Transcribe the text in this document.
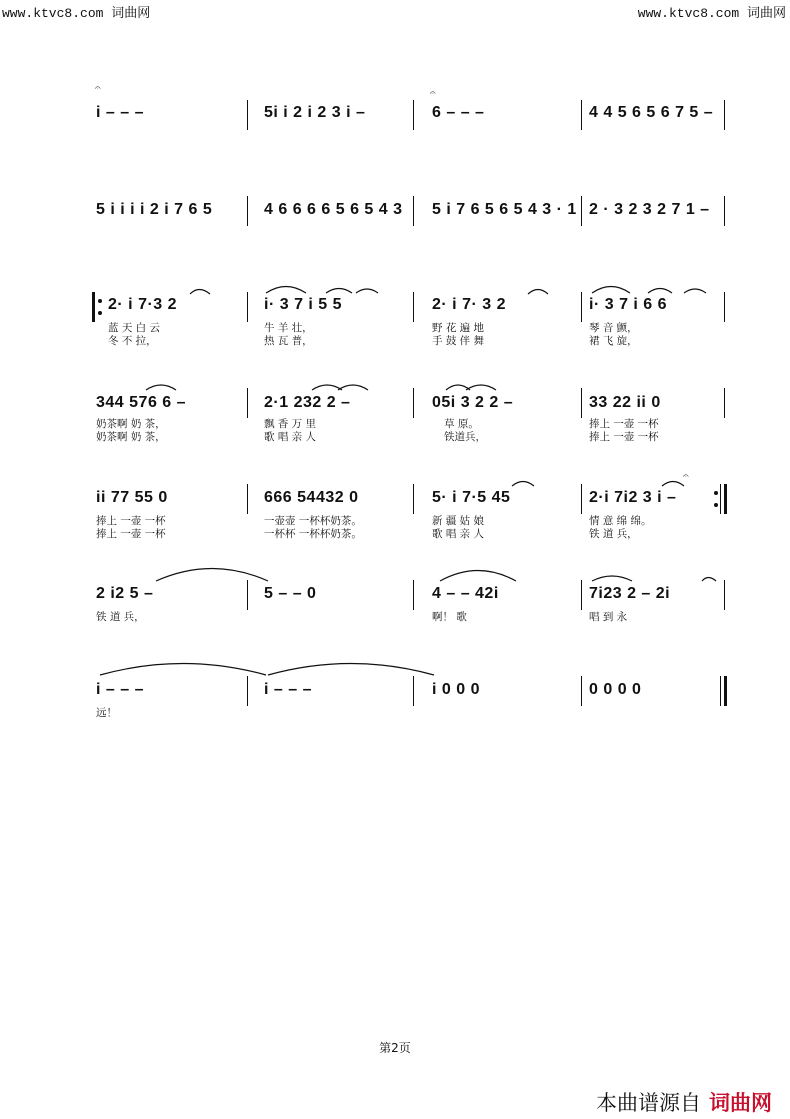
www.ktvc8.com 词曲网	www.ktvc8.com 词曲网
𝄐
i – – –	5i i 2 i 2 3 i –
𝄐
6 – – –	4 4 5 6 5 6 7 5 –
5 i i i i 2 i 7 6 5	4 6 6 6 6 5 6 5 4 3 5 i 7 6 5 6 5 4 3 · 1 2 · 3 2 3 2 7 1 –
2· i 7·3 2
蓝 天 白 云
冬 不 拉，
i· 3 7 i 5 5
牛 羊 壮，
热 瓦 普，
2· i 7· 3 2
野 花 遍 地
手 鼓 伴 舞
i· 3 7 i 6 6
琴 音 颤，
裙 飞 旋，
344 576 6 –
奶茶啊 奶 茶，
奶茶啊 奶 茶，
2·1 232 2 –
飘 香 万 里
歌 唱 亲 人
05i 3 2 2 –
草 原。
铁道兵，
33 22 ii 0
捧上 一壶 一杯
捧上 一壶 一杯
ii 77 55 0
捧上 一壶 一杯
捧上 一壶 一杯
666 54432 0
一壶壶 一杯杯奶茶。
一杯杯 一杯杯奶茶。
5· i 7·5 45
新 疆 姑 娘
歌 唱 亲 人
𝄐
2·i 7i2 3 i –
情 意 绵 绵。
铁 道 兵，
2 i2 5 –
铁 道 兵，
5 – – 0	4 – – 42i
啊！ 歌
7i23 2 – 2i
唱 到 永
i – – –
远！
i – – –	i 0 0 0	0 0 0 0
第2页
本曲谱源自 词曲网
